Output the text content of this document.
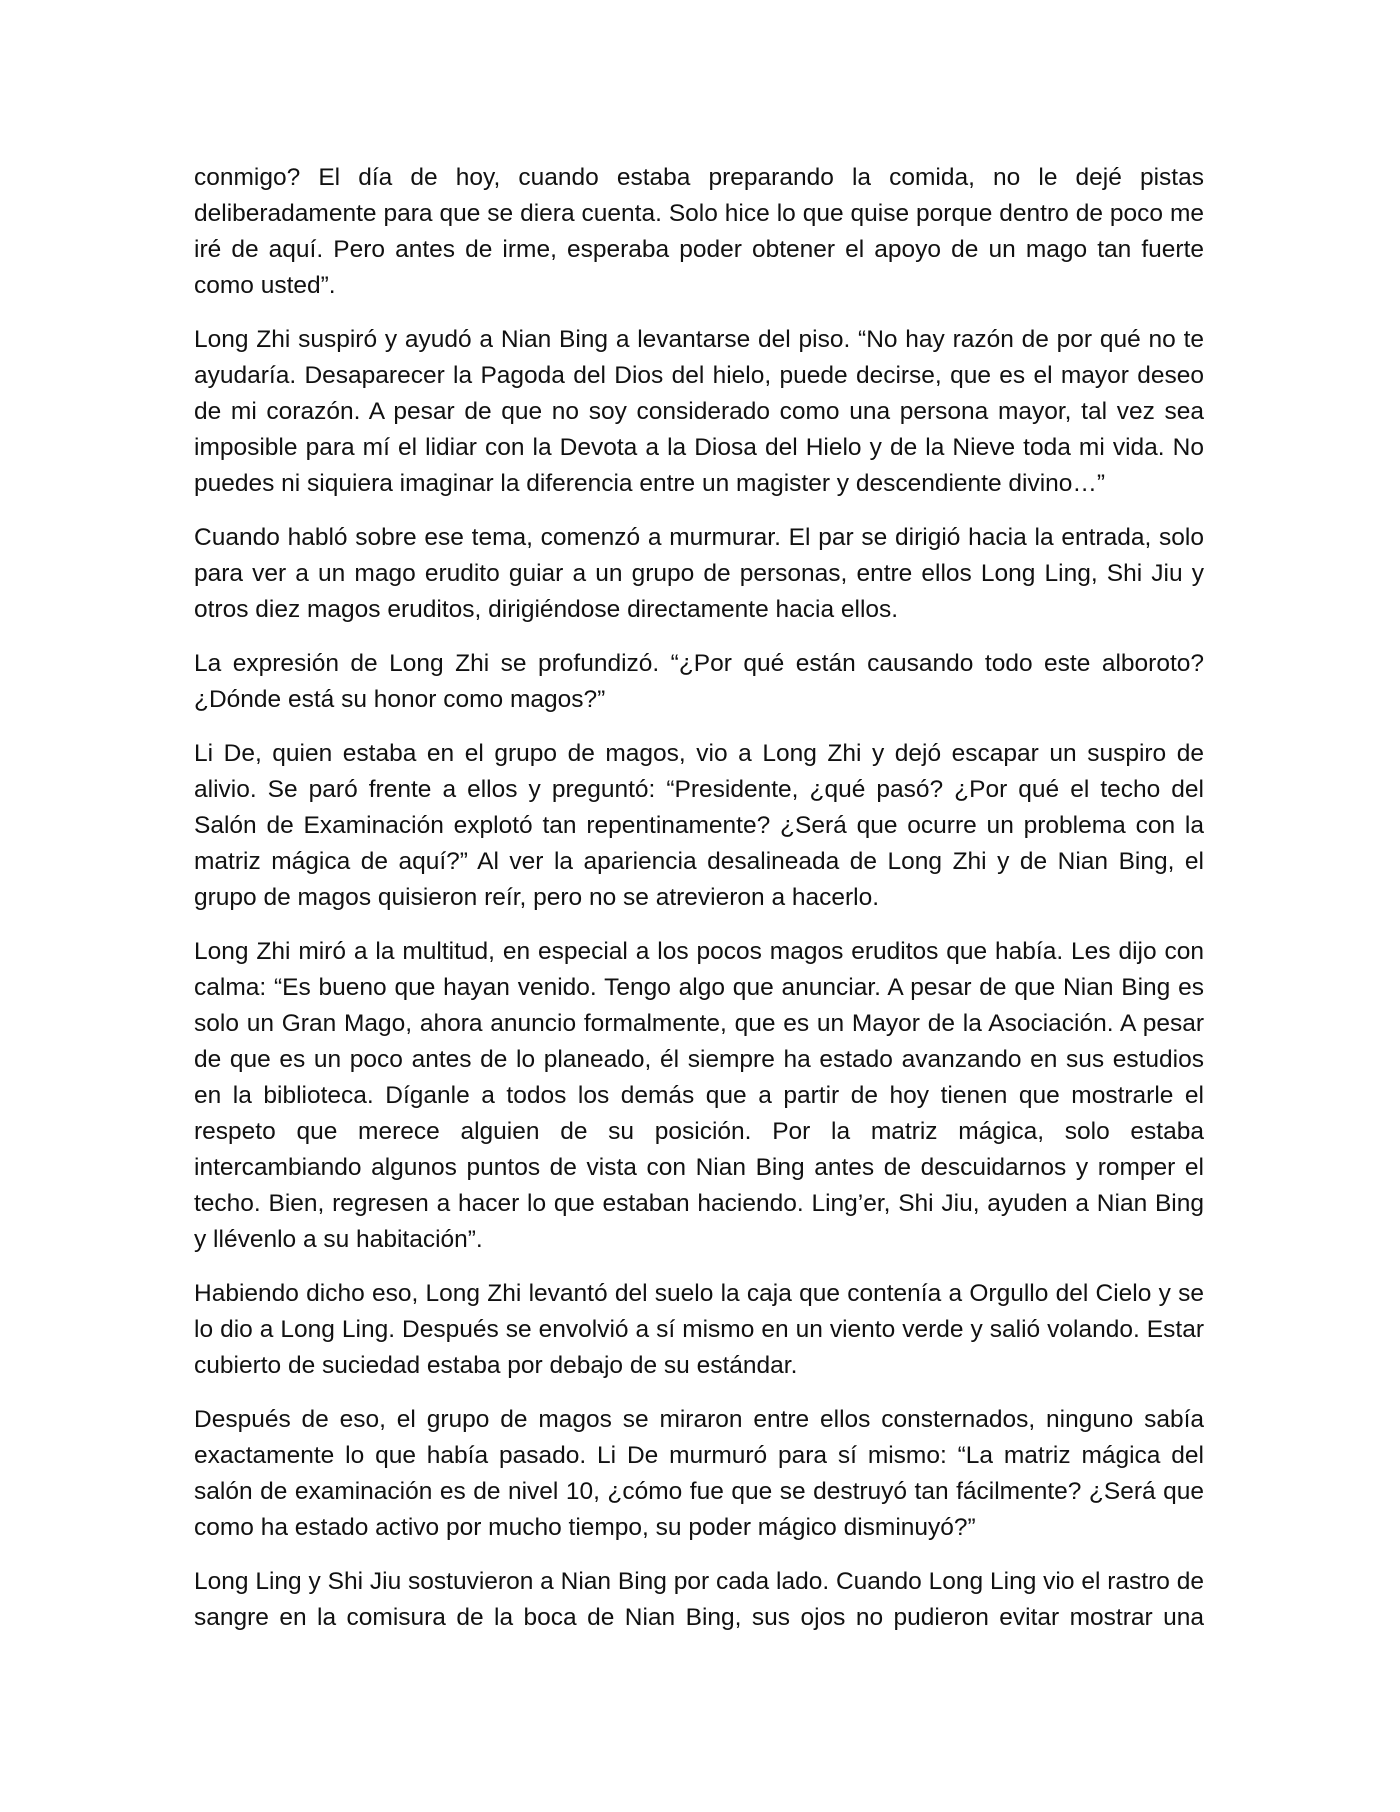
conmigo? El día de hoy, cuando estaba preparando la comida, no le dejé pistas deliberadamente para que se diera cuenta. Solo hice lo que quise porque dentro de poco me iré de aquí. Pero antes de irme, esperaba poder obtener el apoyo de un mago tan fuerte como usted”.

Long Zhi suspiró y ayudó a Nian Bing a levantarse del piso. “No hay razón de por qué no te ayudaría. Desaparecer la Pagoda del Dios del hielo, puede decirse, que es el mayor deseo de mi corazón. A pesar de que no soy considerado como una persona mayor, tal vez sea imposible para mí el lidiar con la Devota a la Diosa del Hielo y de la Nieve toda mi vida. No puedes ni siquiera imaginar la diferencia entre un magister y descendiente divino…”

Cuando habló sobre ese tema, comenzó a murmurar. El par se dirigió hacia la entrada, solo para ver a un mago erudito guiar a un grupo de personas, entre ellos Long Ling, Shi Jiu y otros diez magos eruditos, dirigiéndose directamente hacia ellos.

La expresión de Long Zhi se profundizó. “¿Por qué están causando todo este alboroto? ¿Dónde está su honor como magos?”

Li De, quien estaba en el grupo de magos, vio a Long Zhi y dejó escapar un suspiro de alivio. Se paró frente a ellos y preguntó: “Presidente, ¿qué pasó? ¿Por qué el techo del Salón de Examinación explotó tan repentinamente? ¿Será que ocurre un problema con la matriz mágica de aquí?” Al ver la apariencia desalineada de Long Zhi y de Nian Bing, el grupo de magos quisieron reír, pero no se atrevieron a hacerlo.

Long Zhi miró a la multitud, en especial a los pocos magos eruditos que había. Les dijo con calma: “Es bueno que hayan venido. Tengo algo que anunciar. A pesar de que Nian Bing es solo un Gran Mago, ahora anuncio formalmente, que es un Mayor de la Asociación. A pesar de que es un poco antes de lo planeado, él siempre ha estado avanzando en sus estudios en la biblioteca. Díganle a todos los demás que a partir de hoy tienen que mostrarle el respeto que merece alguien de su posición. Por la matriz mágica, solo estaba intercambiando algunos puntos de vista con Nian Bing antes de descuidarnos y romper el techo. Bien, regresen a hacer lo que estaban haciendo. Ling’er, Shi Jiu, ayuden a Nian Bing y llévenlo a su habitación”.

Habiendo dicho eso, Long Zhi levantó del suelo la caja que contenía a Orgullo del Cielo y se lo dio a Long Ling. Después se envolvió a sí mismo en un viento verde y salió volando. Estar cubierto de suciedad estaba por debajo de su estándar.

Después de eso, el grupo de magos se miraron entre ellos consternados, ninguno sabía exactamente lo que había pasado. Li De murmuró para sí mismo: “La matriz mágica del salón de examinación es de nivel 10, ¿cómo fue que se destruyó tan fácilmente? ¿Será que como ha estado activo por mucho tiempo, su poder mágico disminuyó?”

Long Ling y Shi Jiu sostuvieron a Nian Bing por cada lado. Cuando Long Ling vio el rastro de sangre en la comisura de la boca de Nian Bing, sus ojos no pudieron evitar mostrar una
